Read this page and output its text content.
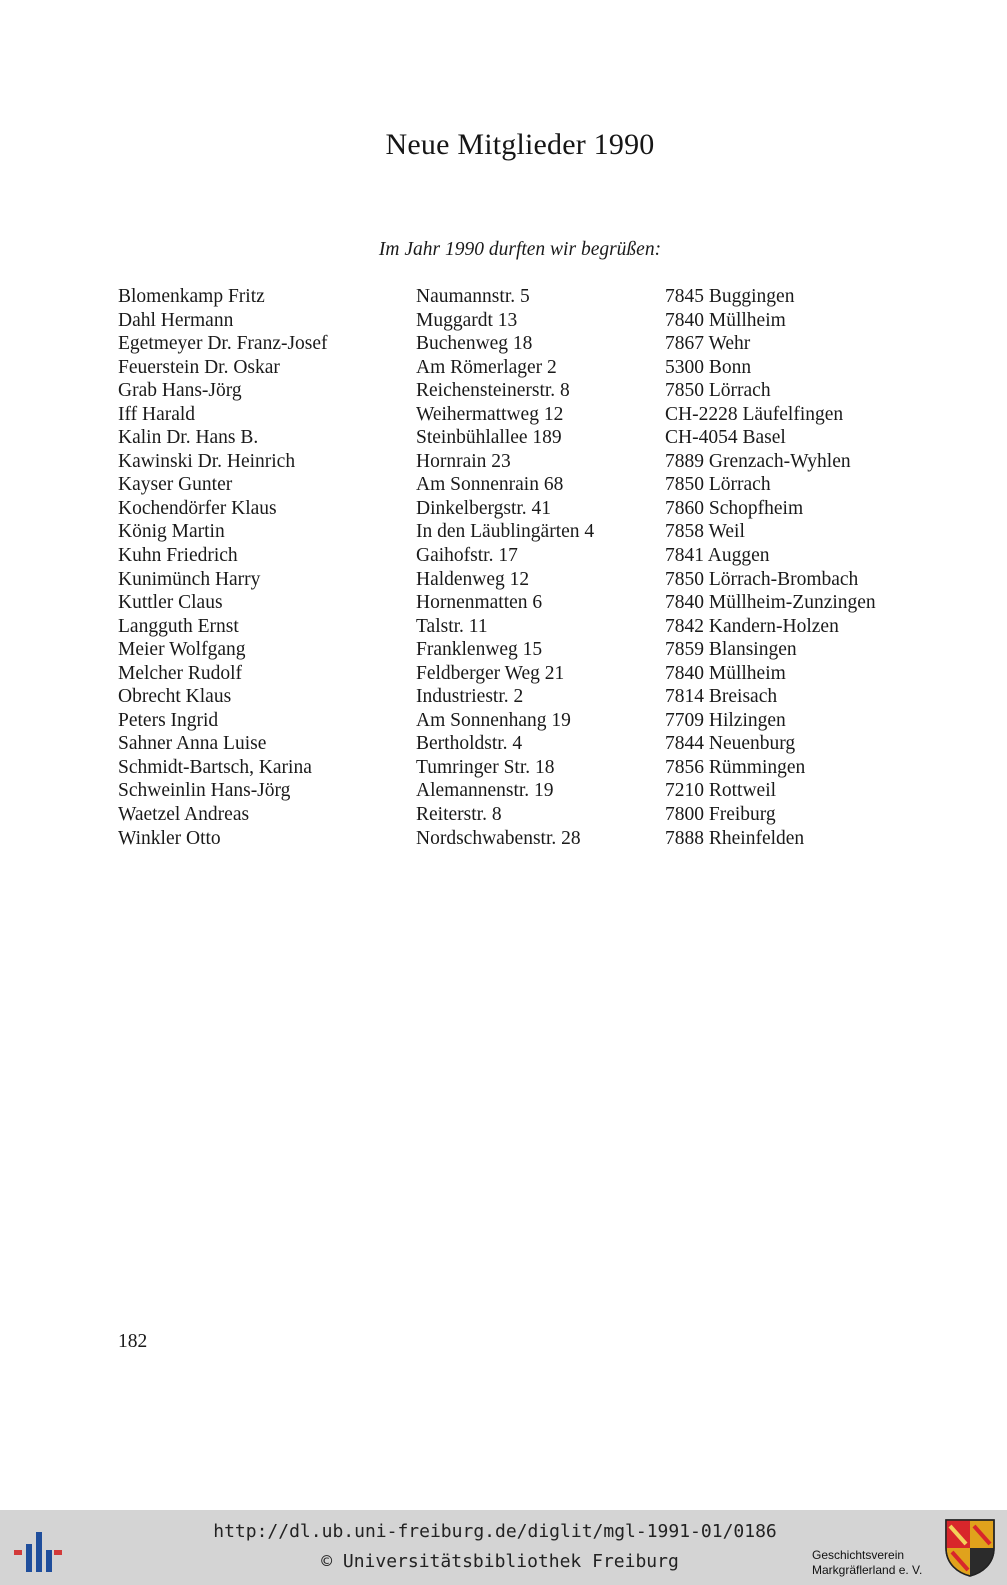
Neue Mitglieder 1990
Im Jahr 1990 durften wir begrüßen:
Blomenkamp Fritz	Naumannstr. 5	7845 Buggingen
Dahl Hermann	Muggardt 13	7840 Müllheim
Egetmeyer Dr. Franz-Josef	Buchenweg 18	7867 Wehr
Feuerstein Dr. Oskar	Am Römerlager 2	5300 Bonn
Grab Hans-Jörg	Reichensteinerstr. 8	7850 Lörrach
Iff Harald	Weihermattweg 12	CH-2228 Läufelfingen
Kalin Dr. Hans B.	Steinbühlallee 189	CH-4054 Basel
Kawinski Dr. Heinrich	Hornrain 23	7889 Grenzach-Wyhlen
Kayser Gunter	Am Sonnenrain 68	7850 Lörrach
Kochendörfer Klaus	Dinkelbergstr. 41	7860 Schopfheim
König Martin	In den Läublingärten 4	7858 Weil
Kuhn Friedrich	Gaihofstr. 17	7841 Auggen
Kunimünch Harry	Haldenweg 12	7850 Lörrach-Brombach
Kuttler Claus	Hornenmatten 6	7840 Müllheim-Zunzingen
Langguth Ernst	Talstr. 11	7842 Kandern-Holzen
Meier Wolfgang	Franklenweg 15	7859 Blansingen
Melcher Rudolf	Feldberger Weg 21	7840 Müllheim
Obrecht Klaus	Industriestr. 2	7814 Breisach
Peters Ingrid	Am Sonnenhang 19	7709 Hilzingen
Sahner Anna Luise	Bertholdstr. 4	7844 Neuenburg
Schmidt-Bartsch, Karina	Tumringer Str. 18	7856 Rümmingen
Schweinlin Hans-Jörg	Alemannenstr. 19	7210 Rottweil
Waetzel Andreas	Reiterstr. 8	7800 Freiburg
Winkler Otto	Nordschwabenstr. 28	7888 Rheinfelden
182
http://dl.ub.uni-freiburg.de/diglit/mgl-1991-01/0186
© Universitätsbibliothek Freiburg	Geschichtsverein
Markgräflerland e. V.
